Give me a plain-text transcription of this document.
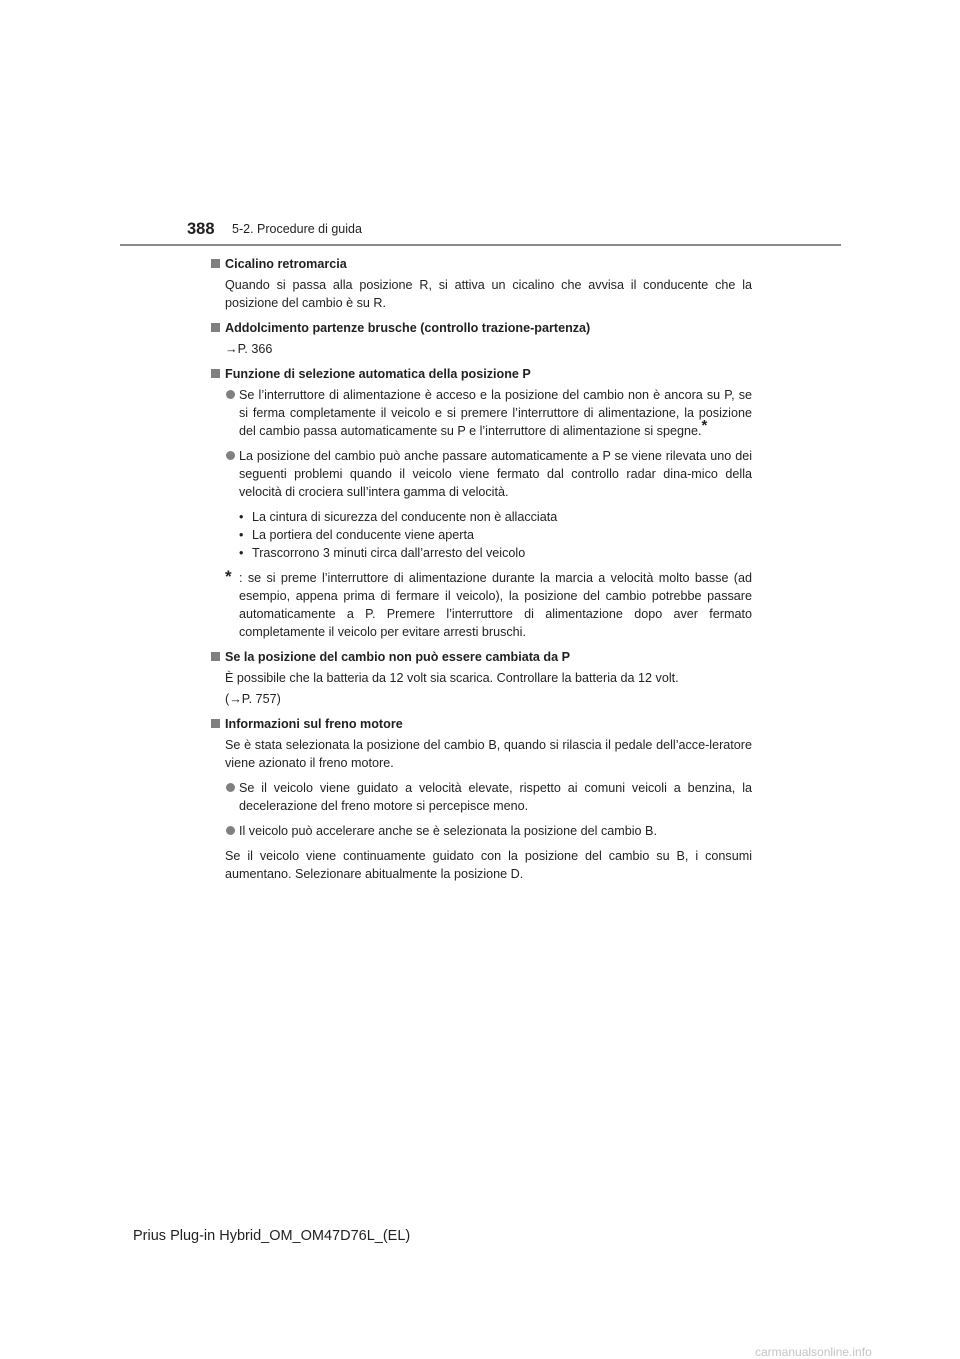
388 5-2. Procedure di guida
Cicalino retromarcia
Quando si passa alla posizione R, si attiva un cicalino che avvisa il conducente che la posizione del cambio è su R.
Addolcimento partenze brusche (controllo trazione-partenza)
→P. 366
Funzione di selezione automatica della posizione P
Se l’interruttore di alimentazione è acceso e la posizione del cambio non è ancora su P, se si ferma completamente il veicolo e si premere l’interruttore di alimentazione, la posizione del cambio passa automaticamente su P e l’interruttore di alimentazione si spegne.*
La posizione del cambio può anche passare automaticamente a P se viene rilevata uno dei seguenti problemi quando il veicolo viene fermato dal controllo radar dina-mico della velocità di crociera sull’intera gamma di velocità.
• La cintura di sicurezza del conducente non è allacciata
• La portiera del conducente viene aperta
• Trascorrono 3 minuti circa dall’arresto del veicolo
* : se si preme l’interruttore di alimentazione durante la marcia a velocità molto basse (ad esempio, appena prima di fermare il veicolo), la posizione del cambio potrebbe passare automaticamente a P. Premere l’interruttore di alimentazione dopo aver fermato completamente il veicolo per evitare arresti bruschi.
Se la posizione del cambio non può essere cambiata da P
È possibile che la batteria da 12 volt sia scarica. Controllare la batteria da 12 volt.
(→P. 757)
Informazioni sul freno motore
Se è stata selezionata la posizione del cambio B, quando si rilascia il pedale dell’acce-leratore viene azionato il freno motore.
Se il veicolo viene guidato a velocità elevate, rispetto ai comuni veicoli a benzina, la decelerazione del freno motore si percepisce meno.
Il veicolo può accelerare anche se è selezionata la posizione del cambio B.
Se il veicolo viene continuamente guidato con la posizione del cambio su B, i consumi aumentano. Selezionare abitualmente la posizione D.
Prius Plug-in Hybrid_OM_OM47D76L_(EL)
carmanualsonline.info
